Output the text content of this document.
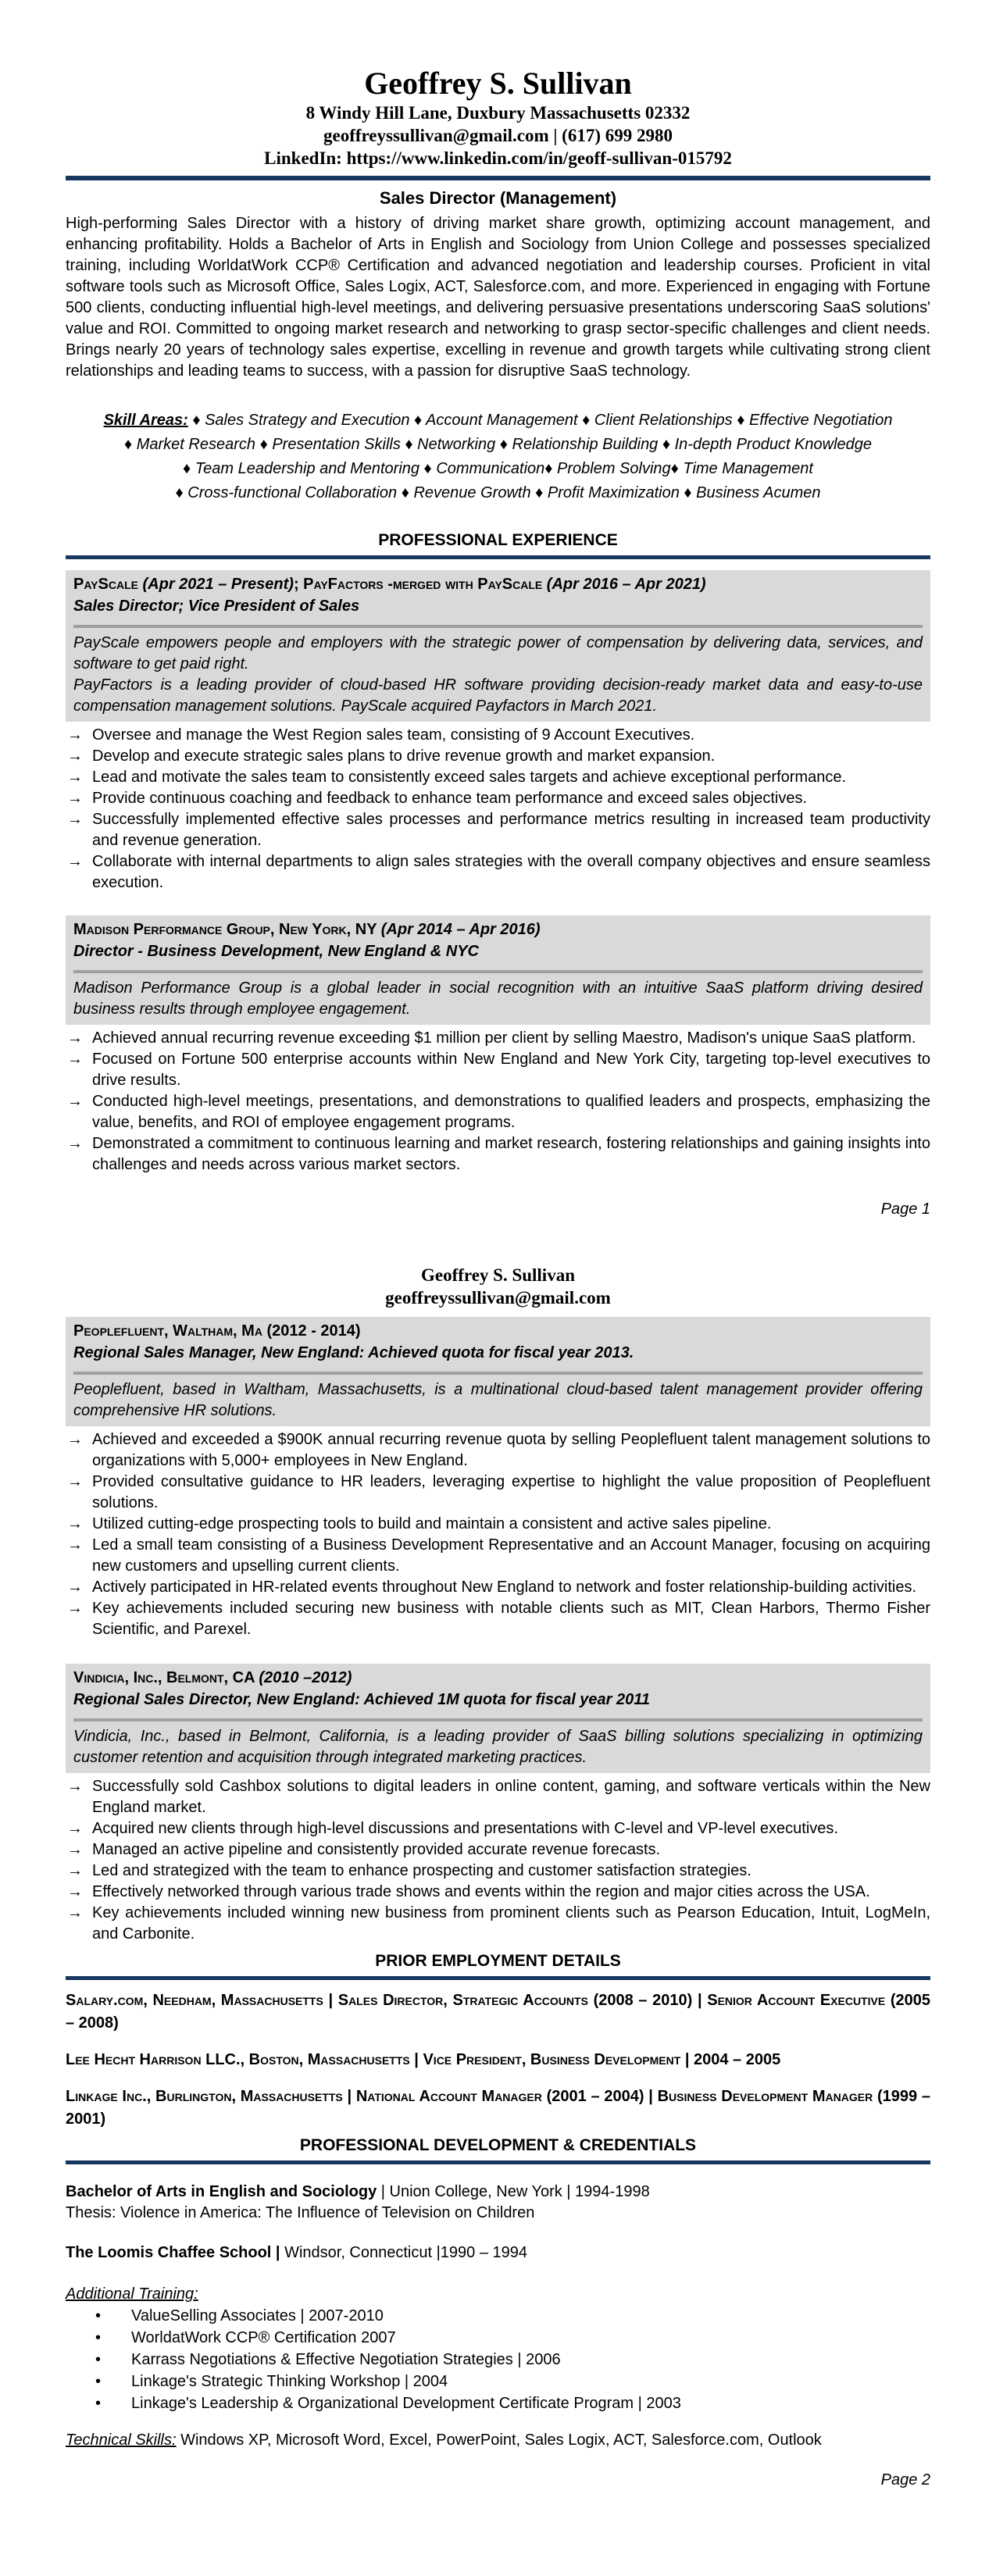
Geoffrey S. Sullivan
8 Windy Hill Lane, Duxbury Massachusetts 02332
geoffreyssullivan@gmail.com | (617) 699 2980
LinkedIn: https://www.linkedin.com/in/geoff-sullivan-015792
Sales Director (Management)
High-performing Sales Director with a history of driving market share growth, optimizing account management, and enhancing profitability. Holds a Bachelor of Arts in English and Sociology from Union College and possesses specialized training, including WorldatWork CCP® Certification and advanced negotiation and leadership courses. Proficient in vital software tools such as Microsoft Office, Sales Logix, ACT, Salesforce.com, and more. Experienced in engaging with Fortune 500 clients, conducting influential high-level meetings, and delivering persuasive presentations underscoring SaaS solutions' value and ROI. Committed to ongoing market research and networking to grasp sector-specific challenges and client needs. Brings nearly 20 years of technology sales expertise, excelling in revenue and growth targets while cultivating strong client relationships and leading teams to success, with a passion for disruptive SaaS technology.
Skill Areas: ♦ Sales Strategy and Execution ♦ Account Management ♦ Client Relationships ♦ Effective Negotiation
♦ Market Research ♦ Presentation Skills ♦ Networking ♦ Relationship Building ♦ In-depth Product Knowledge
♦ Team Leadership and Mentoring ♦ Communication♦ Problem Solving♦ Time Management
♦ Cross-functional Collaboration ♦ Revenue Growth ♦ Profit Maximization ♦ Business Acumen
PROFESSIONAL EXPERIENCE
PayScale (Apr 2021 – Present); PayFactors -merged with PayScale (Apr 2016 – Apr 2021)
Sales Director; Vice President of Sales
PayScale empowers people and employers with the strategic power of compensation by delivering data, services, and software to get paid right.
PayFactors is a leading provider of cloud-based HR software providing decision-ready market data and easy-to-use compensation management solutions. PayScale acquired Payfactors in March 2021.
→ Oversee and manage the West Region sales team, consisting of 9 Account Executives.
→ Develop and execute strategic sales plans to drive revenue growth and market expansion.
→ Lead and motivate the sales team to consistently exceed sales targets and achieve exceptional performance.
→ Provide continuous coaching and feedback to enhance team performance and exceed sales objectives.
→ Successfully implemented effective sales processes and performance metrics resulting in increased team productivity and revenue generation.
→ Collaborate with internal departments to align sales strategies with the overall company objectives and ensure seamless execution.
Madison Performance Group, New York, NY (Apr 2014 – Apr 2016)
Director - Business Development, New England & NYC
Madison Performance Group is a global leader in social recognition with an intuitive SaaS platform driving desired business results through employee engagement.
→ Achieved annual recurring revenue exceeding $1 million per client by selling Maestro, Madison's unique SaaS platform.
→ Focused on Fortune 500 enterprise accounts within New England and New York City, targeting top-level executives to drive results.
→ Conducted high-level meetings, presentations, and demonstrations to qualified leaders and prospects, emphasizing the value, benefits, and ROI of employee engagement programs.
→ Demonstrated a commitment to continuous learning and market research, fostering relationships and gaining insights into challenges and needs across various market sectors.
Page 1
Geoffrey S. Sullivan
geoffreyssullivan@gmail.com
Peoplefluent, Waltham, Ma (2012 - 2014)
Regional Sales Manager, New England: Achieved quota for fiscal year 2013.
Peoplefluent, based in Waltham, Massachusetts, is a multinational cloud-based talent management provider offering comprehensive HR solutions.
→ Achieved and exceeded a $900K annual recurring revenue quota by selling Peoplefluent talent management solutions to organizations with 5,000+ employees in New England.
→ Provided consultative guidance to HR leaders, leveraging expertise to highlight the value proposition of Peoplefluent solutions.
→ Utilized cutting-edge prospecting tools to build and maintain a consistent and active sales pipeline.
→ Led a small team consisting of a Business Development Representative and an Account Manager, focusing on acquiring new customers and upselling current clients.
→ Actively participated in HR-related events throughout New England to network and foster relationship-building activities.
→ Key achievements included securing new business with notable clients such as MIT, Clean Harbors, Thermo Fisher Scientific, and Parexel.
Vindicia, Inc., Belmont, CA (2010 –2012)
Regional Sales Director, New England: Achieved 1M quota for fiscal year 2011
Vindicia, Inc., based in Belmont, California, is a leading provider of SaaS billing solutions specializing in optimizing customer retention and acquisition through integrated marketing practices.
→ Successfully sold Cashbox solutions to digital leaders in online content, gaming, and software verticals within the New England market.
→ Acquired new clients through high-level discussions and presentations with C-level and VP-level executives.
→ Managed an active pipeline and consistently provided accurate revenue forecasts.
→ Led and strategized with the team to enhance prospecting and customer satisfaction strategies.
→ Effectively networked through various trade shows and events within the region and major cities across the USA.
→ Key achievements included winning new business from prominent clients such as Pearson Education, Intuit, LogMeIn, and Carbonite.
PRIOR EMPLOYMENT DETAILS
Salary.com, Needham, Massachusetts | Sales Director, Strategic Accounts (2008 – 2010) | Senior Account Executive (2005 – 2008)
Lee Hecht Harrison LLC., Boston, Massachusetts | Vice President, Business Development | 2004 – 2005
Linkage Inc., Burlington, Massachusetts | National Account Manager (2001 – 2004) | Business Development Manager (1999 – 2001)
PROFESSIONAL DEVELOPMENT & CREDENTIALS
Bachelor of Arts in English and Sociology | Union College, New York | 1994-1998
Thesis: Violence in America: The Influence of Television on Children
The Loomis Chaffee School | Windsor, Connecticut |1990 – 1994
Additional Training:
• ValueSelling Associates | 2007-2010
• WorldatWork CCP® Certification 2007
• Karrass Negotiations & Effective Negotiation Strategies | 2006
• Linkage's Strategic Thinking Workshop | 2004
• Linkage's Leadership & Organizational Development Certificate Program | 2003
Technical Skills: Windows XP, Microsoft Word, Excel, PowerPoint, Sales Logix, ACT, Salesforce.com, Outlook
Page 2
